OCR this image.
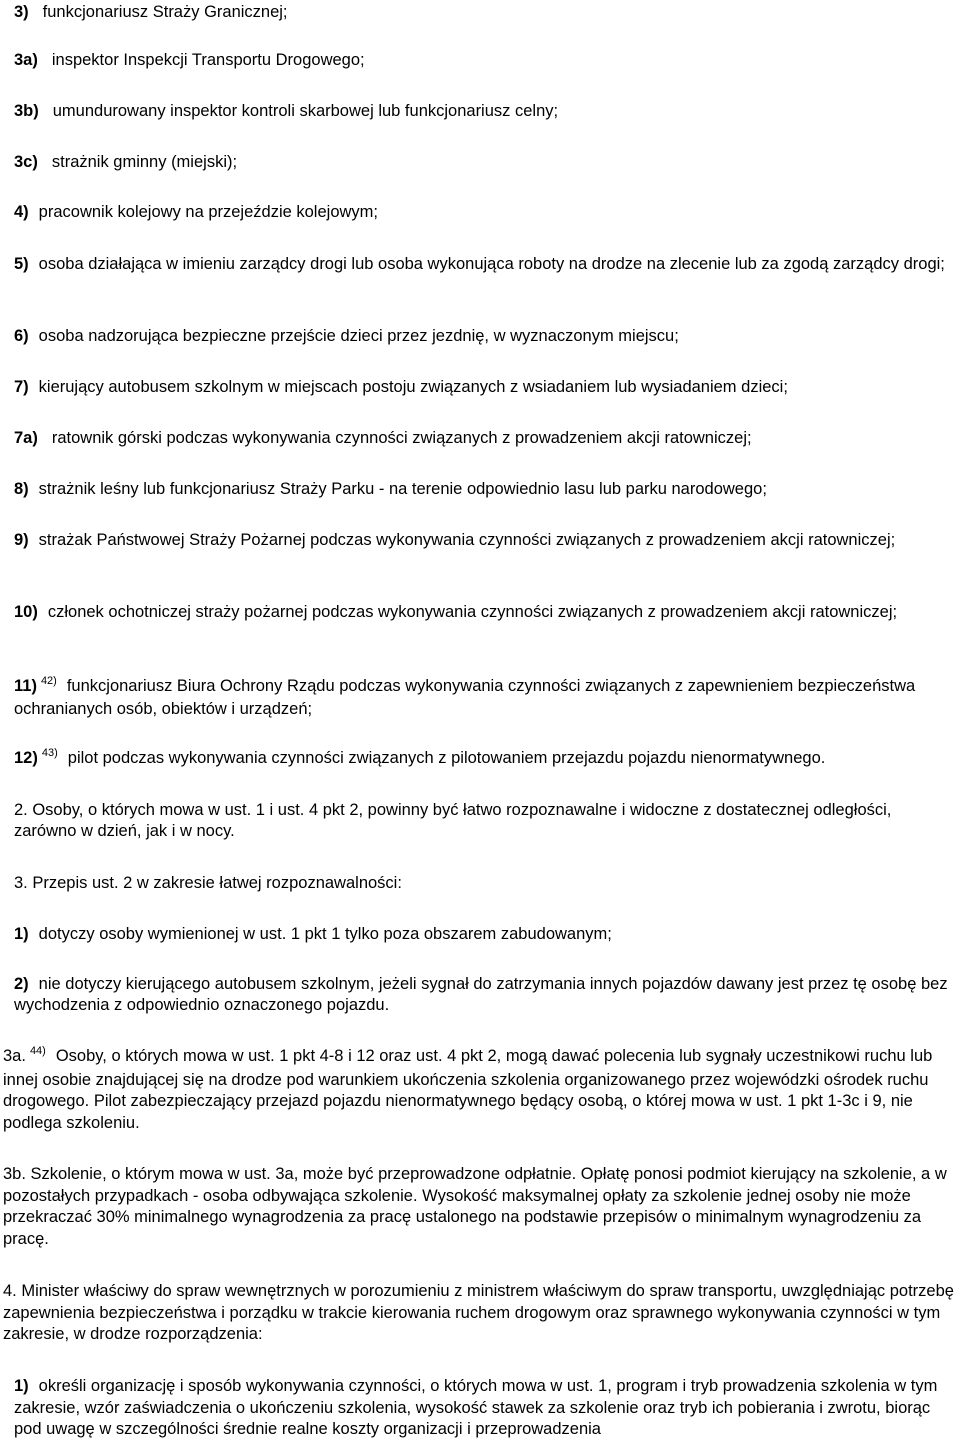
3) funkcjonariusz Straży Granicznej;

3a) inspektor Inspekcji Transportu Drogowego;

3b) umundurowany inspektor kontroli skarbowej lub funkcjonariusz celny;

3c) strażnik gminny (miejski);

4) pracownik kolejowy na przejeździe kolejowym;

5) osoba działająca w imieniu zarządcy drogi lub osoba wykonująca roboty na drodze na zlecenie lub za zgodą zarządcy drogi;

6) osoba nadzorująca bezpieczne przejście dzieci przez jezdnię, w wyznaczonym miejscu;

7) kierujący autobusem szkolnym w miejscach postoju związanych z wsiadaniem lub wysiadaniem dzieci;

7a) ratownik górski podczas wykonywania czynności związanych z prowadzeniem akcji ratowniczej;

8) strażnik leśny lub funkcjonariusz Straży Parku - na terenie odpowiednio lasu lub parku narodowego;

9) strażak Państwowej Straży Pożarnej podczas wykonywania czynności związanych z prowadzeniem akcji ratowniczej;

10) członek ochotniczej straży pożarnej podczas wykonywania czynności związanych z prowadzeniem akcji ratowniczej;

11) $^{42)}$ funkcjonariusz Biura Ochrony Rządu podczas wykonywania czynności związanych z zapewnieniem bezpieczeństwa ochranianych osób, obiektów i urządzeń;

12) $^{43)}$ pilot podczas wykonywania czynności związanych z pilotowaniem przejazdu pojazdu nienormatywnego.

2. Osoby, o których mowa w ust. 1 i ust. 4 pkt 2, powinny być łatwo rozpoznawalne i widoczne z dostatecznej odległości, zarówno w dzień, jak i w nocy.

3. Przepis ust. 2 w zakresie łatwej rozpoznawalności:

1) dotyczy osoby wymienionej w ust. 1 pkt 1 tylko poza obszarem zabudowanym;

2) nie dotyczy kierującego autobusem szkolnym, jeżeli sygnał do zatrzymania innych pojazdów dawany jest przez tę osobę bez wychodzenia z odpowiednio oznaczonego pojazdu.

3a. $^{44)}$ Osoby, o których mowa w ust. 1 pkt 4-8 i 12 oraz ust. 4 pkt 2, mogą dawać polecenia lub sygnały uczestnikowi ruchu lub innej osobie znajdującej się na drodze pod warunkiem ukończenia szkolenia organizowanego przez wojewódzki ośrodek ruchu drogowego. Pilot zabezpieczający przejazd pojazdu nienormatywnego będący osobą, o której mowa w ust. 1 pkt 1-3c i 9, nie podlega szkoleniu.

3b. Szkolenie, o którym mowa w ust. 3a, może być przeprowadzone odpłatnie. Opłatę ponosi podmiot kierujący na szkolenie, a w pozostałych przypadkach - osoba odbywająca szkolenie. Wysokość maksymalnej opłaty za szkolenie jednej osoby nie może przekraczać 30% minimalnego wynagrodzenia za pracę ustalonego na podstawie przepisów o minimalnym wynagrodzeniu za pracę.

4. Minister właściwy do spraw wewnętrznych w porozumieniu z ministrem właściwym do spraw transportu, uwzględniając potrzebę zapewnienia bezpieczeństwa i porządku w trakcie kierowania ruchem drogowym oraz sprawnego wykonywania czynności w tym zakresie, w drodze rozporządzenia:

1) określi organizację i sposób wykonywania czynności, o których mowa w ust. 1, program i tryb prowadzenia szkolenia w tym zakresie, wzór zaświadczenia o ukończeniu szkolenia, wysokość stawek za szkolenie oraz tryb ich pobierania i zwrotu, biorąc pod uwagę w szczególności średnie realne koszty organizacji i przeprowadzenia
